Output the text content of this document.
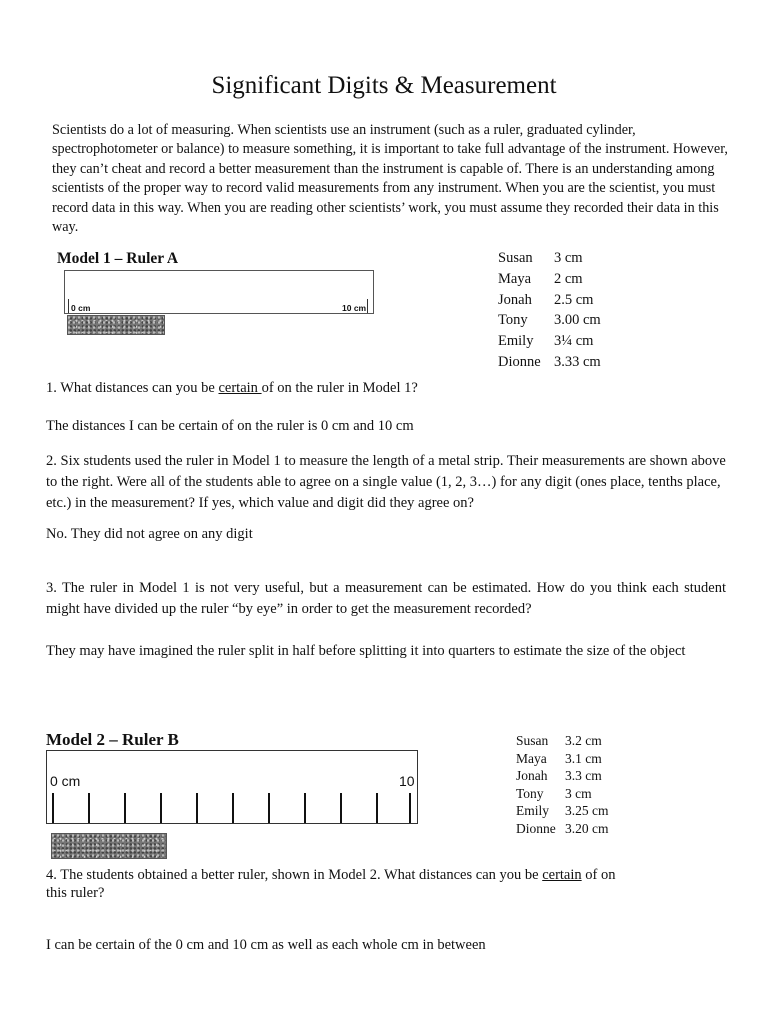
Significant Digits & Measurement
Scientists do a lot of measuring. When scientists use an instrument (such as a ruler, graduated cylinder, spectrophotometer or balance) to measure something, it is important to take full advantage of the instrument. However, they can’t cheat and record a better measurement than the instrument is capable of. There is an understanding among scientists of the proper way to record valid measurements from any instrument. When you are the scientist, you must record data in this way. When you are reading other scientists’ work, you must assume they recorded their data in this way.
Model 1 – Ruler A
0 cm	10 cm
Susan 3 cm
Maya 2 cm
Jonah 2.5 cm
Tony 3.00 cm
Emily 3¼ cm
Dionne 3.33 cm
1. What distances can you be certain of on the ruler in Model 1?
The distances I can be certain of on the ruler is 0 cm and 10 cm
2. Six students used the ruler in Model 1 to measure the length of a metal strip. Their measurements are shown above to the right. Were all of the students able to agree on a single value (1, 2, 3…) for any digit (ones place, tenths place, etc.) in the measurement? If yes, which value and digit did they agree on?
No. They did not agree on any digit
3. The ruler in Model 1 is not very useful, but a measurement can be estimated. How do you think each student might have divided up the ruler “by eye” in order to get the measurement recorded?
They may have imagined the ruler split in half before splitting it into quarters to estimate the size of the object
Model 2 – Ruler B
0 cm	10
Susan 3.2 cm
Maya 3.1 cm
Jonah 3.3 cm
Tony 3 cm
Emily 3.25 cm
Dionne 3.20 cm
4. The students obtained a better ruler, shown in Model 2. What distances can you be certain of on this ruler?
I can be certain of the 0 cm and 10 cm as well as each whole cm in between
